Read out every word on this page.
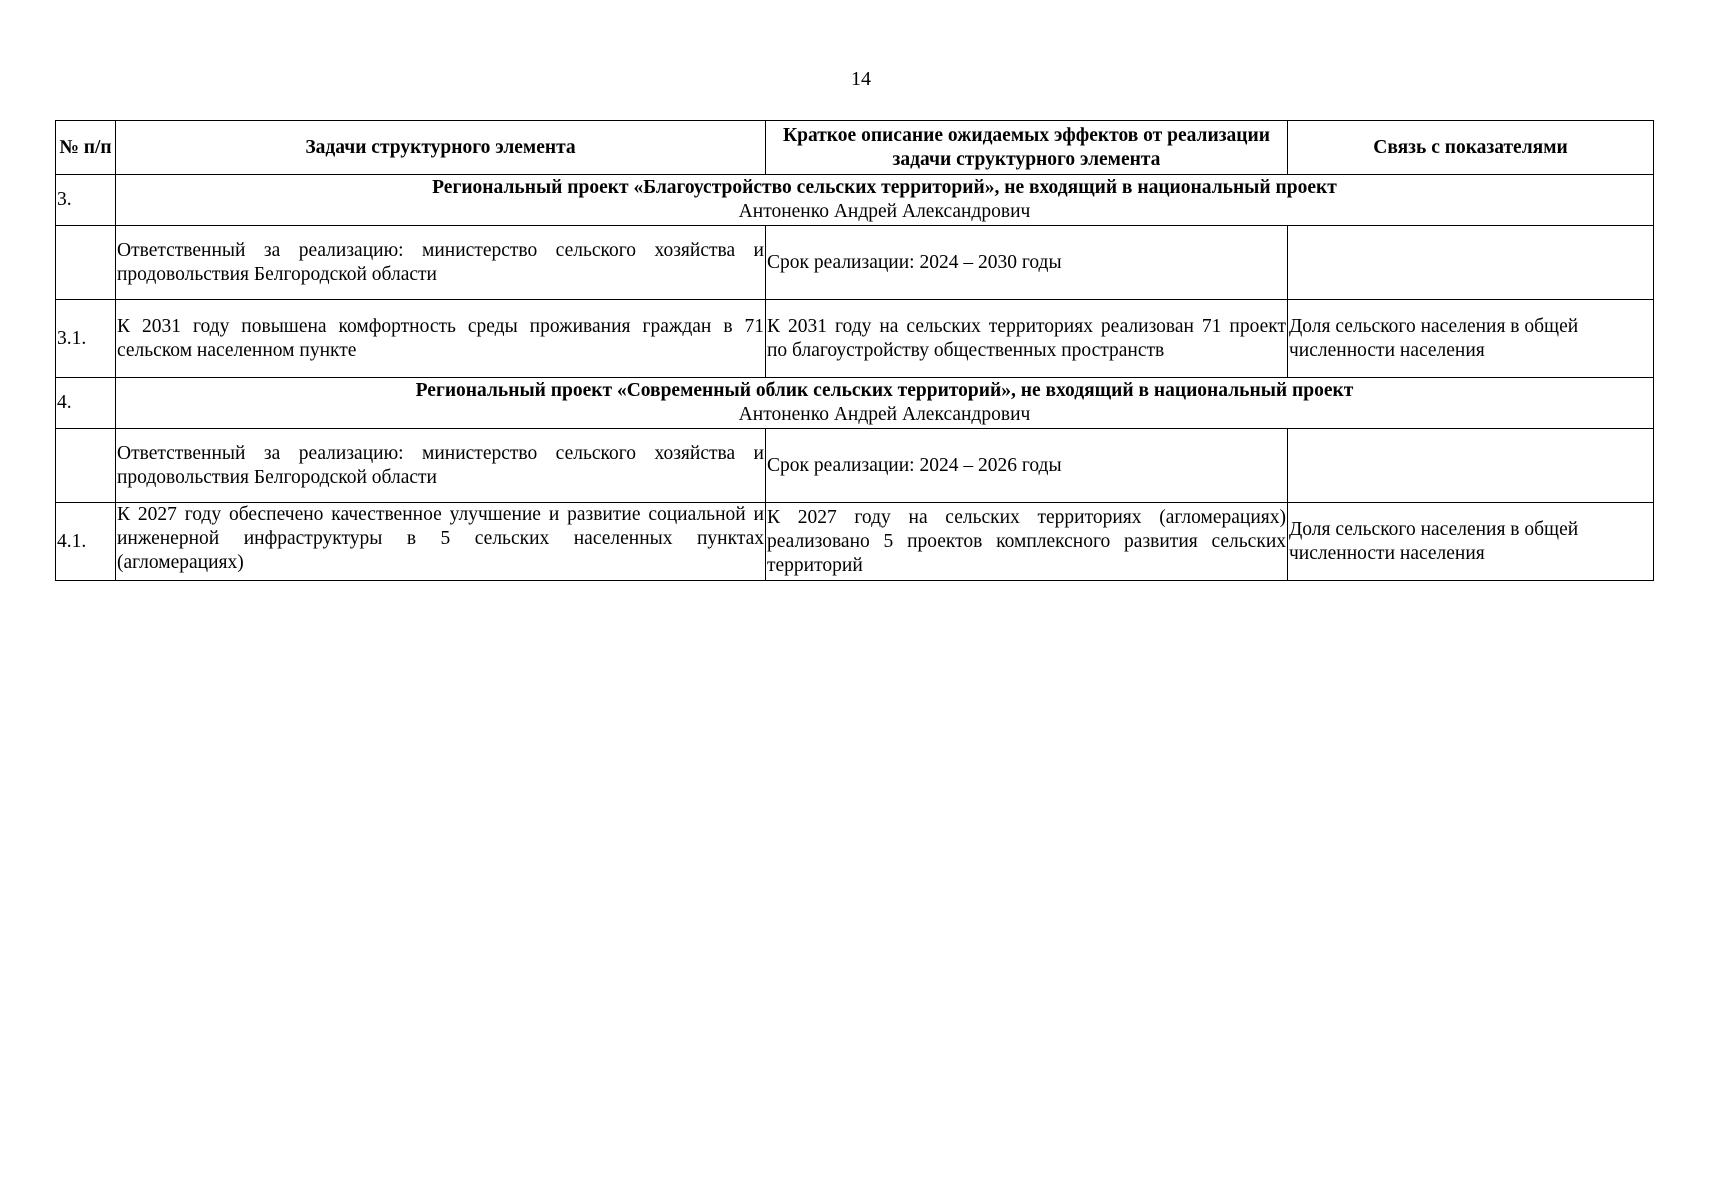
14
№ п/п	Задачи структурного элемента	Краткое описание ожидаемых эффектов от реализации задачи структурного элемента	Связь с показателями
3.	Региональный проект «Благоустройство сельских территорий», не входящий в национальный проект
Антоненко Андрей Александрович		

	Ответственный за реализацию: министерство сельского хозяйства и продовольствия Белгородской области	Срок реализации: 2024 – 2030 годы	
3.1.	К 2031 году повышена комфортность среды проживания граждан в 71 сельском населенном пункте	К 2031 году на сельских территориях реализован 71 проект по благоустройству общественных пространств	Доля сельского населения в общей численности населения
4.	Региональный проект «Современный облик сельских территорий», не входящий в национальный проект
Антоненко Андрей Александрович		

	Ответственный за реализацию: министерство сельского хозяйства и продовольствия Белгородской области	Срок реализации: 2024 – 2026 годы	
4.1.	К 2027 году обеспечено качественное улучшение и развитие социальной и инженерной инфраструктуры в 5 сельских населенных пунктах (агломерациях)	К 2027 году на сельских территориях (агломерациях) реализовано 5 проектов комплексного развития сельских территорий	Доля сельского населения в общей численности населения
